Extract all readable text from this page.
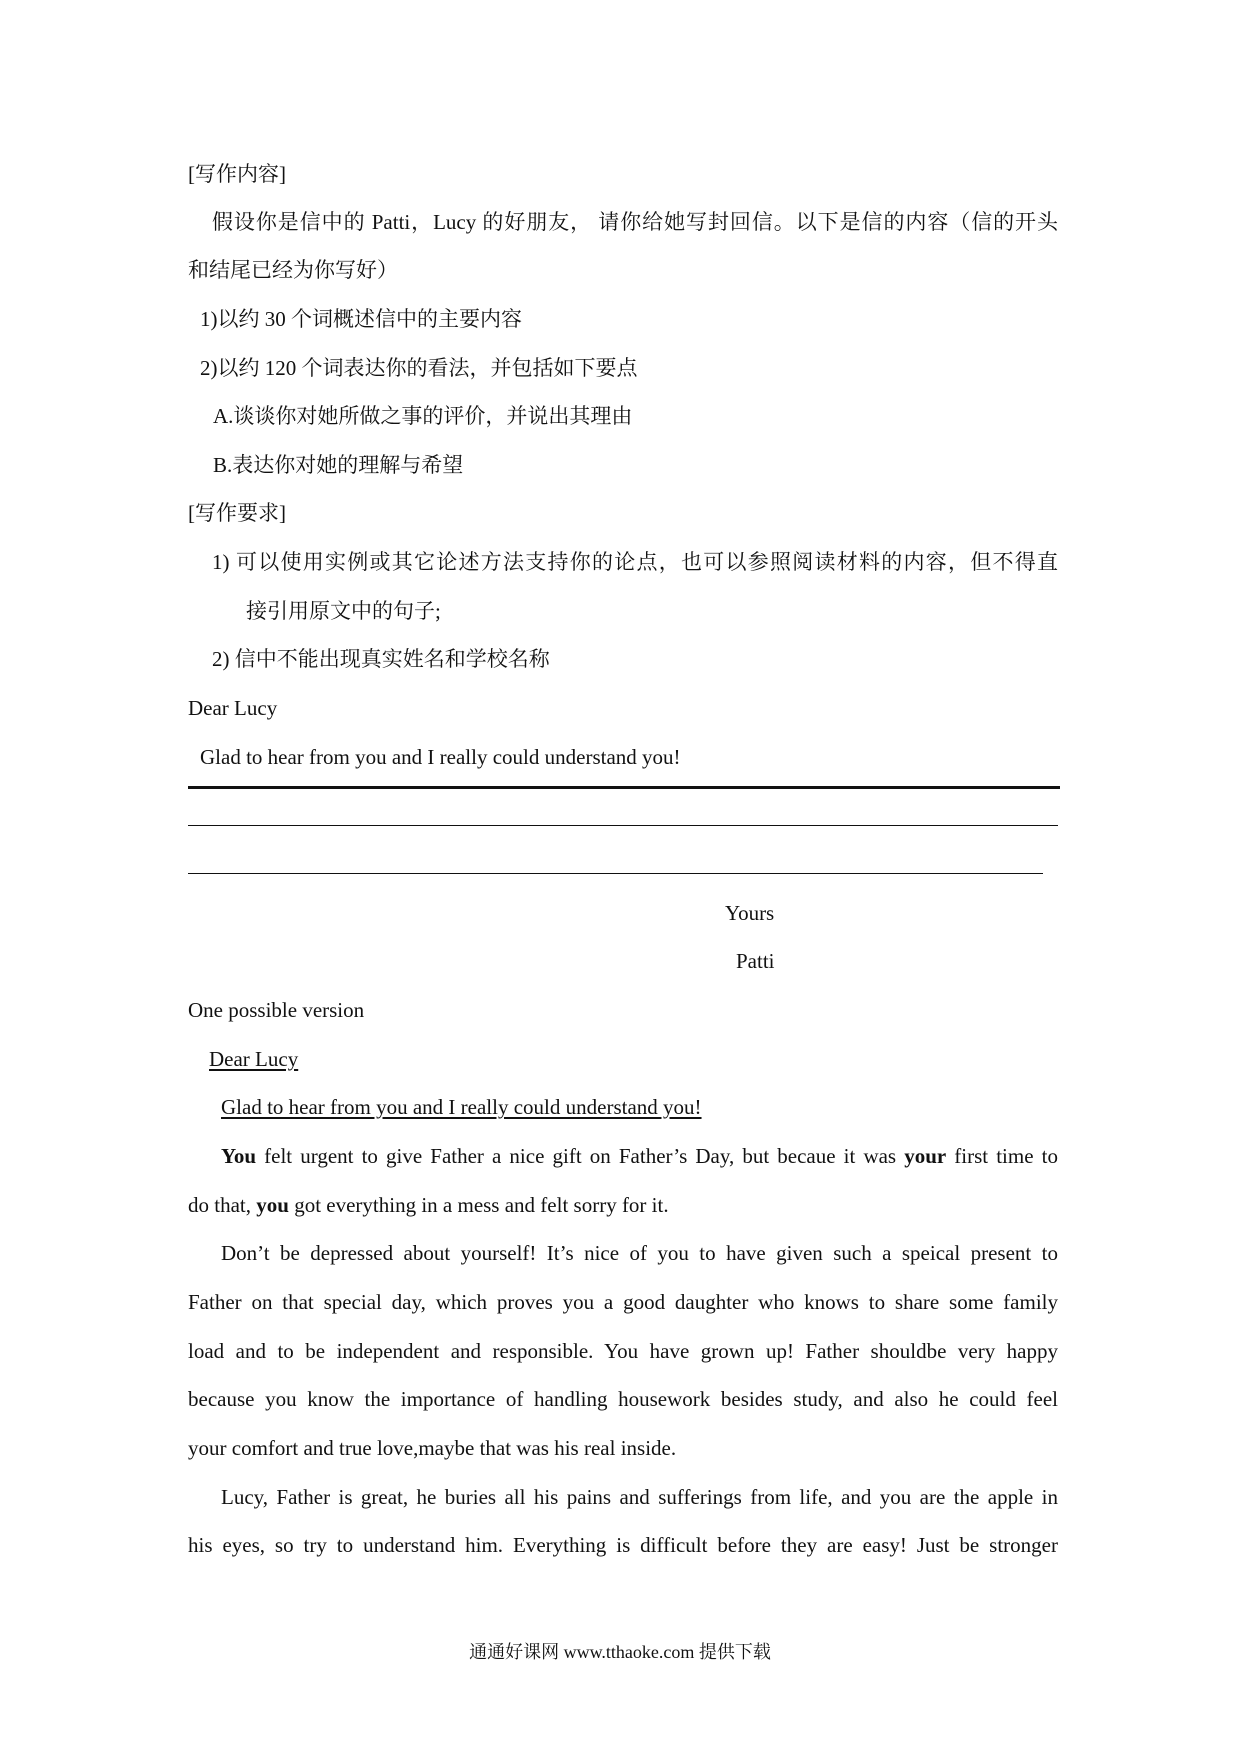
[写作内容]
假设你是信中的 Patti，Lucy 的好朋友， 请你给她写封回信。以下是信的内容（信的开头
和结尾已经为你写好）
1)以约 30 个词概述信中的主要内容
2)以约 120 个词表达你的看法，并包括如下要点
A.谈谈你对她所做之事的评价，并说出其理由
B.表达你对她的理解与希望
[写作要求]
1) 可以使用实例或其它论述方法支持你的论点，也可以参照阅读材料的内容，但不得直
接引用原文中的句子;
2) 信中不能出现真实姓名和学校名称
Dear Lucy
Glad to hear from you and I really could understand you!
Yours
Patti
One possible version
Dear Lucy
Glad to hear from you and I really could understand you!
You felt urgent to give Father a nice gift on Father’s Day, but becaue it was your first time to
do that, you got everything in a mess and felt sorry for it.
Don’t be depressed about yourself! It’s nice of you to have given such a speical present to
Father on that special day, which proves you a good daughter who knows to share some family
load and to be independent and responsible. You have grown up! Father shouldbe very happy
because you know the importance of handling housework besides study, and also he could feel
your comfort and true love,maybe that was his real inside.
Lucy, Father is great, he buries all his pains and sufferings from life, and you are the apple in
his eyes, so try to understand him. Everything is difficult before they are easy! Just be stronger
通通好课网 www.tthaoke.com 提供下载
